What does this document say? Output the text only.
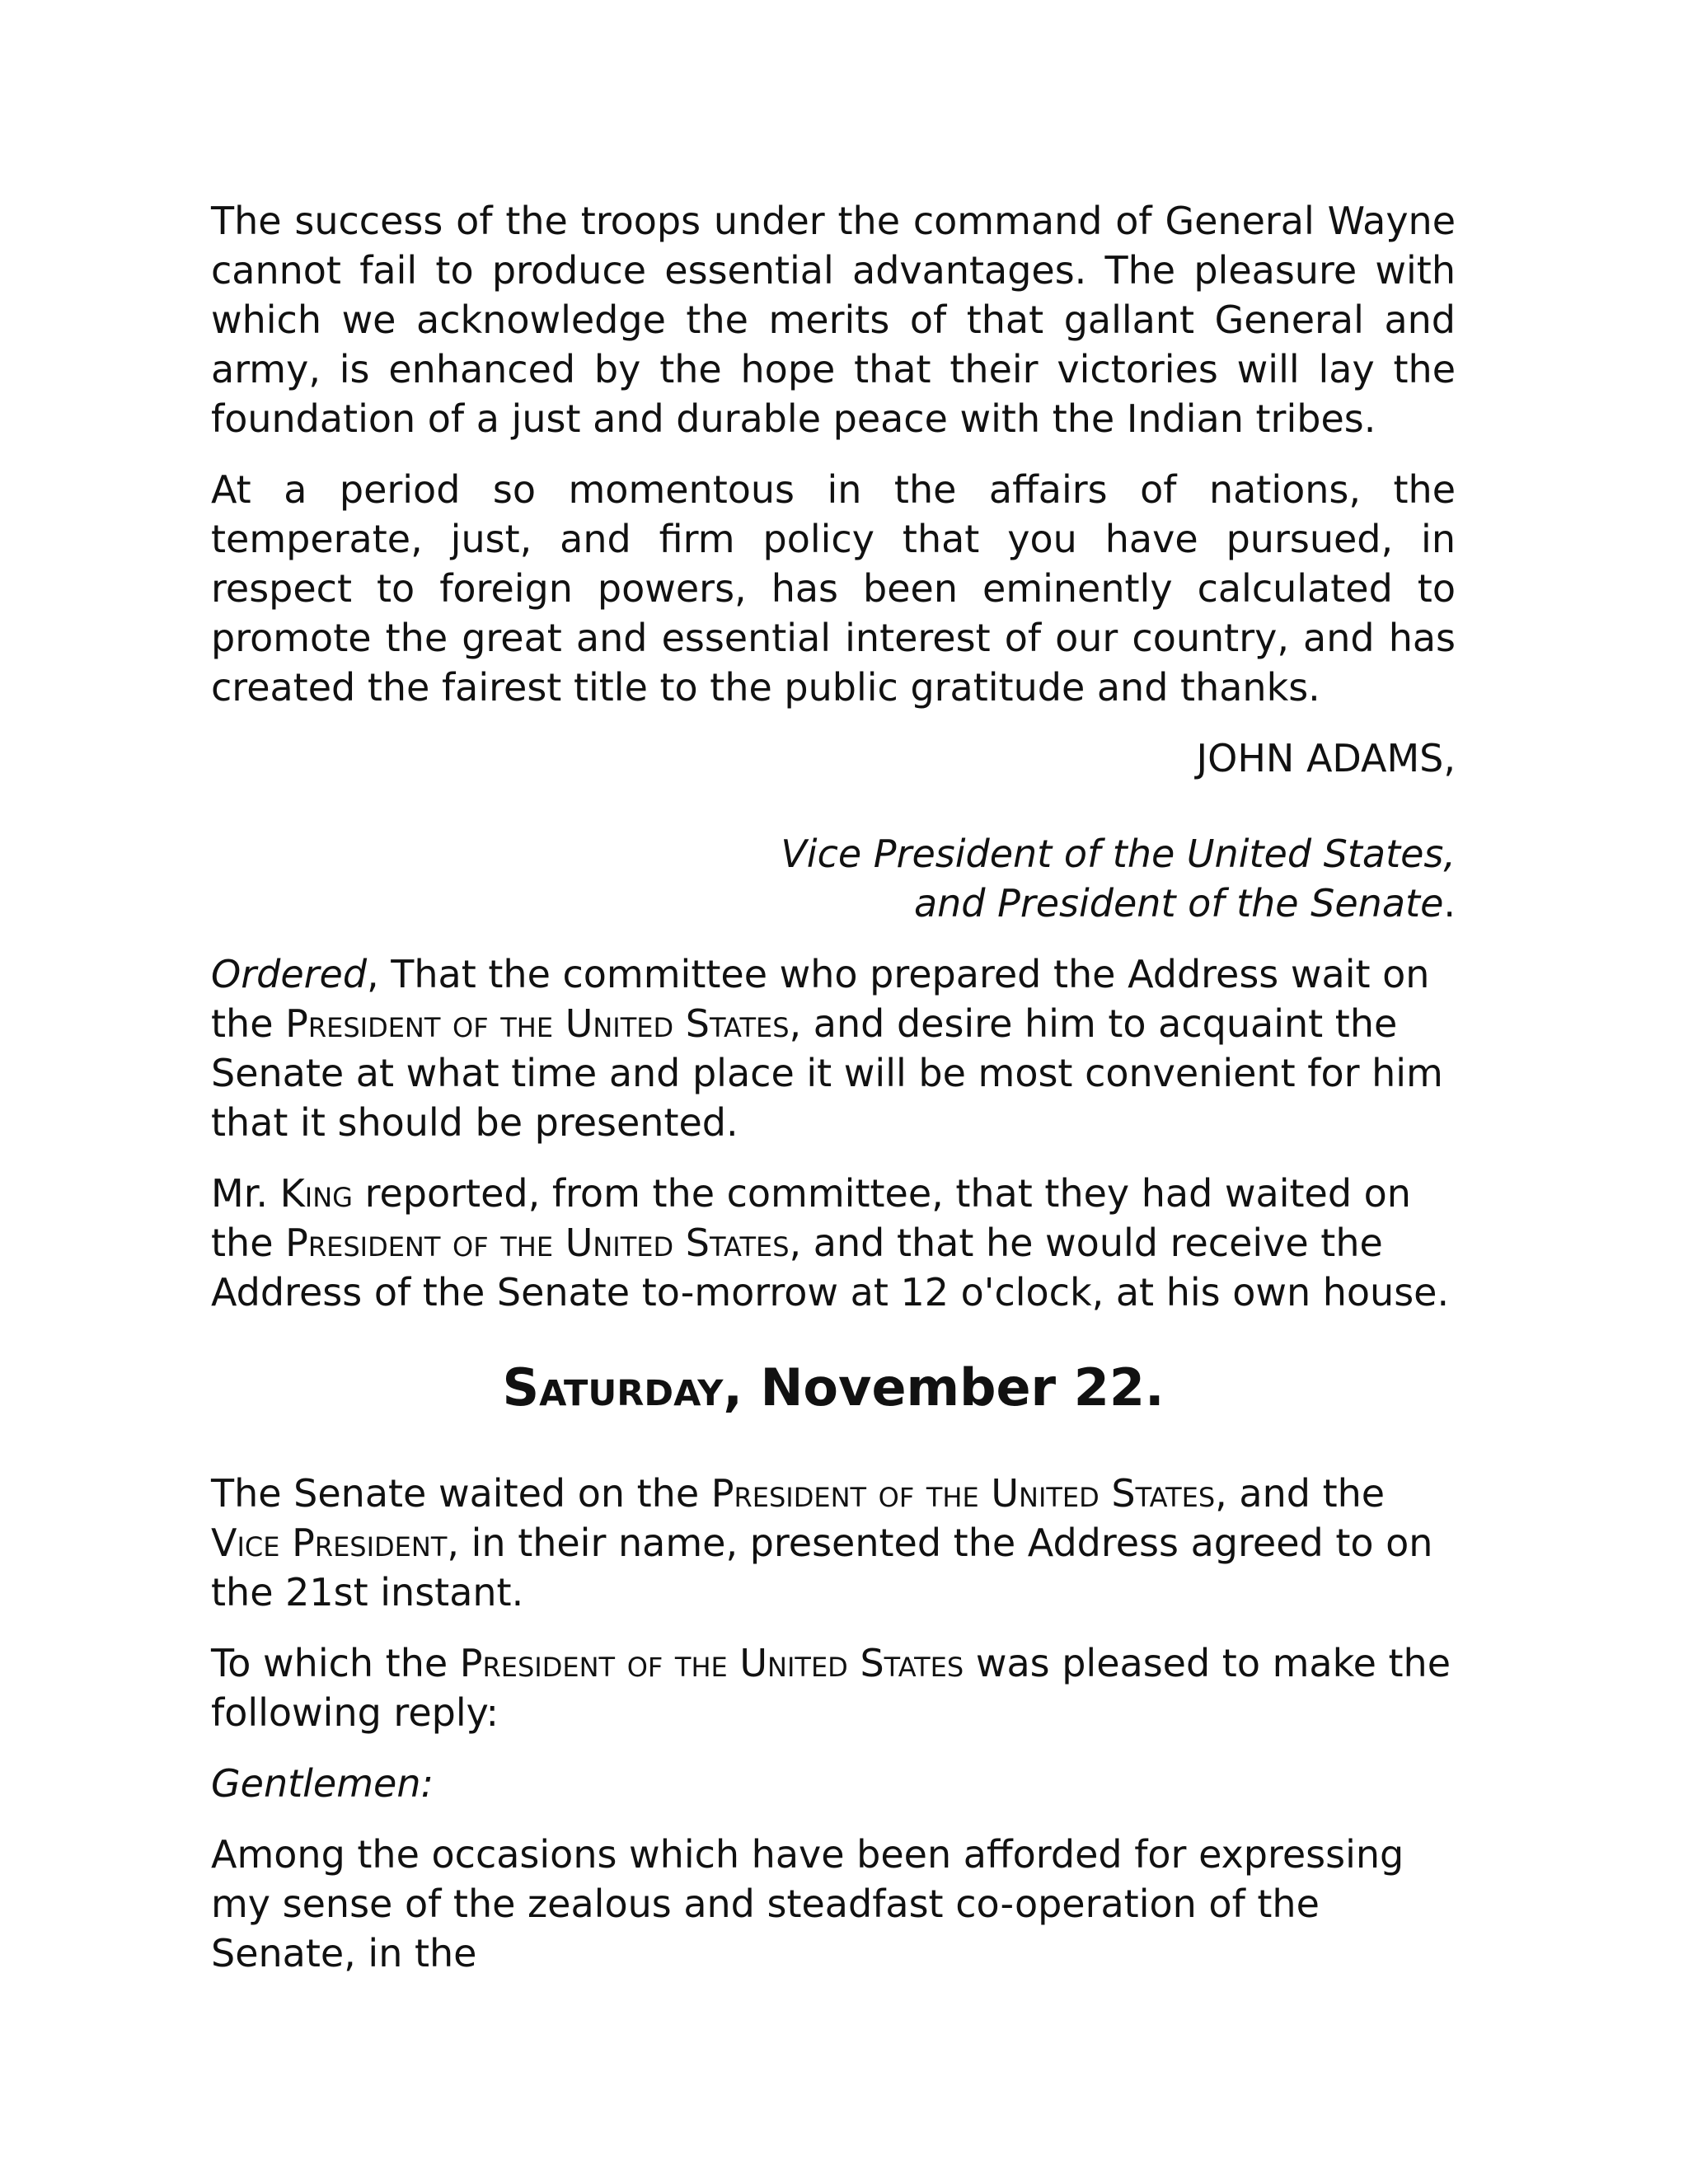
The success of the troops under the command of General Wayne cannot fail to produce essential advantages. The pleasure with which we acknowledge the merits of that gallant General and army, is enhanced by the hope that their victories will lay the foundation of a just and durable peace with the Indian tribes.

At a period so momentous in the affairs of nations, the temperate, just, and firm policy that you have pursued, in respect to foreign powers, has been eminently calculated to promote the great and essential interest of our country, and has created the fairest title to the public gratitude and thanks.

JOHN ADAMS,
Vice President of the United States,
and President of the Senate.

Ordered, That the committee who prepared the Address wait on the President of the United States, and desire him to acquaint the Senate at what time and place it will be most convenient for him that it should be presented.

Mr. King reported, from the committee, that they had waited on the President of the United States, and that he would receive the Address of the Senate to-morrow at 12 o'clock, at his own house.

Saturday, November 22.

The Senate waited on the President of the United States, and the Vice President, in their name, presented the Address agreed to on the 21st instant.

To which the President of the United States was pleased to make the following reply:

Gentlemen:

Among the occasions which have been afforded for expressing my sense of the zealous and steadfast co-operation of the Senate, in the
